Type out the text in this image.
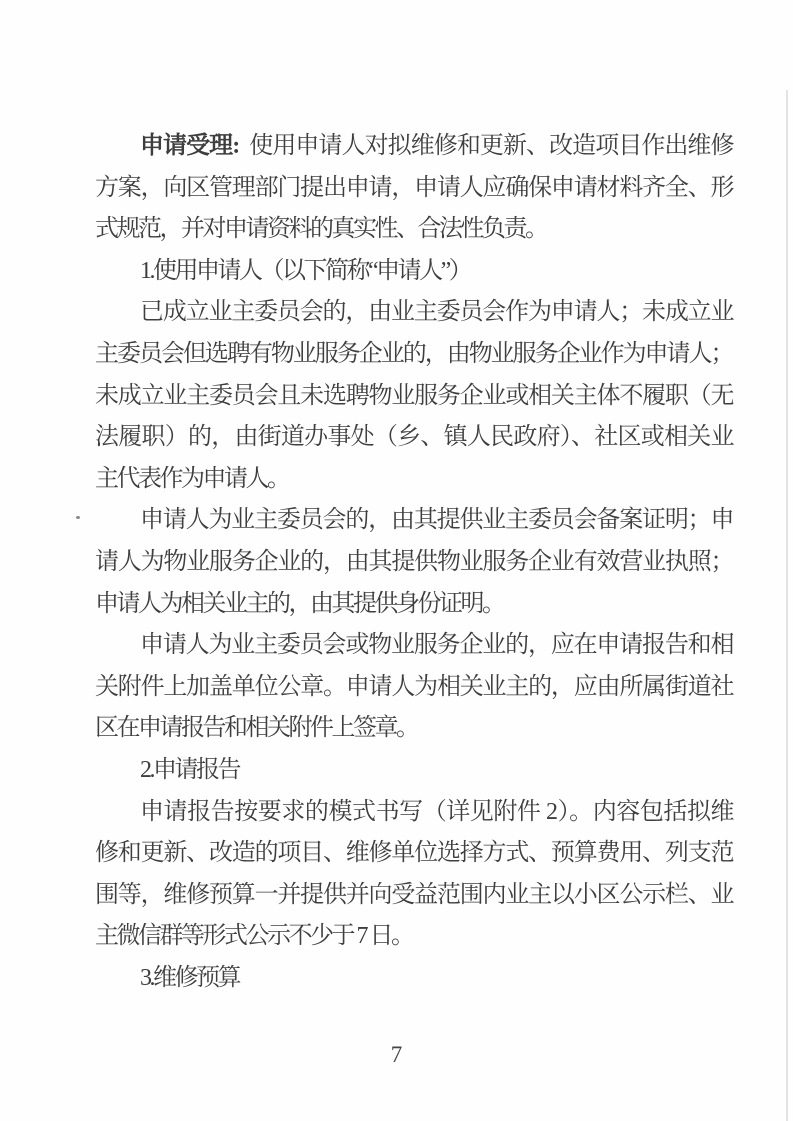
申请受理: 使用申请人对拟维修和更新、改造项目作出维修
方案，向区管理部门提出申请，申请人应确保申请材料齐全、形
式规范，并对申请资料的真实性、合法性负责。
1.使用申请人（以下简称“申请人”）
已成立业主委员会的，由业主委员会作为申请人；未成立业
主委员会但选聘有物业服务企业的，由物业服务企业作为申请人；
未成立业主委员会且未选聘物业服务企业或相关主体不履职（无
法履职）的，由街道办事处（乡、镇人民政府）、社区或相关业
主代表作为申请人。
申请人为业主委员会的，由其提供业主委员会备案证明；申
请人为物业服务企业的，由其提供物业服务企业有效营业执照；
申请人为相关业主的，由其提供身份证明。
申请人为业主委员会或物业服务企业的，应在申请报告和相
关附件上加盖单位公章。申请人为相关业主的，应由所属街道社
区在申请报告和相关附件上签章。
2.申请报告
申请报告按要求的模式书写（详见附件 2）。内容包括拟维
修和更新、改造的项目、维修单位选择方式、预算费用、列支范
围等，维修预算一并提供并向受益范围内业主以小区公示栏、业
主微信群等形式公示不少于 7 日。
3.维修预算
7
